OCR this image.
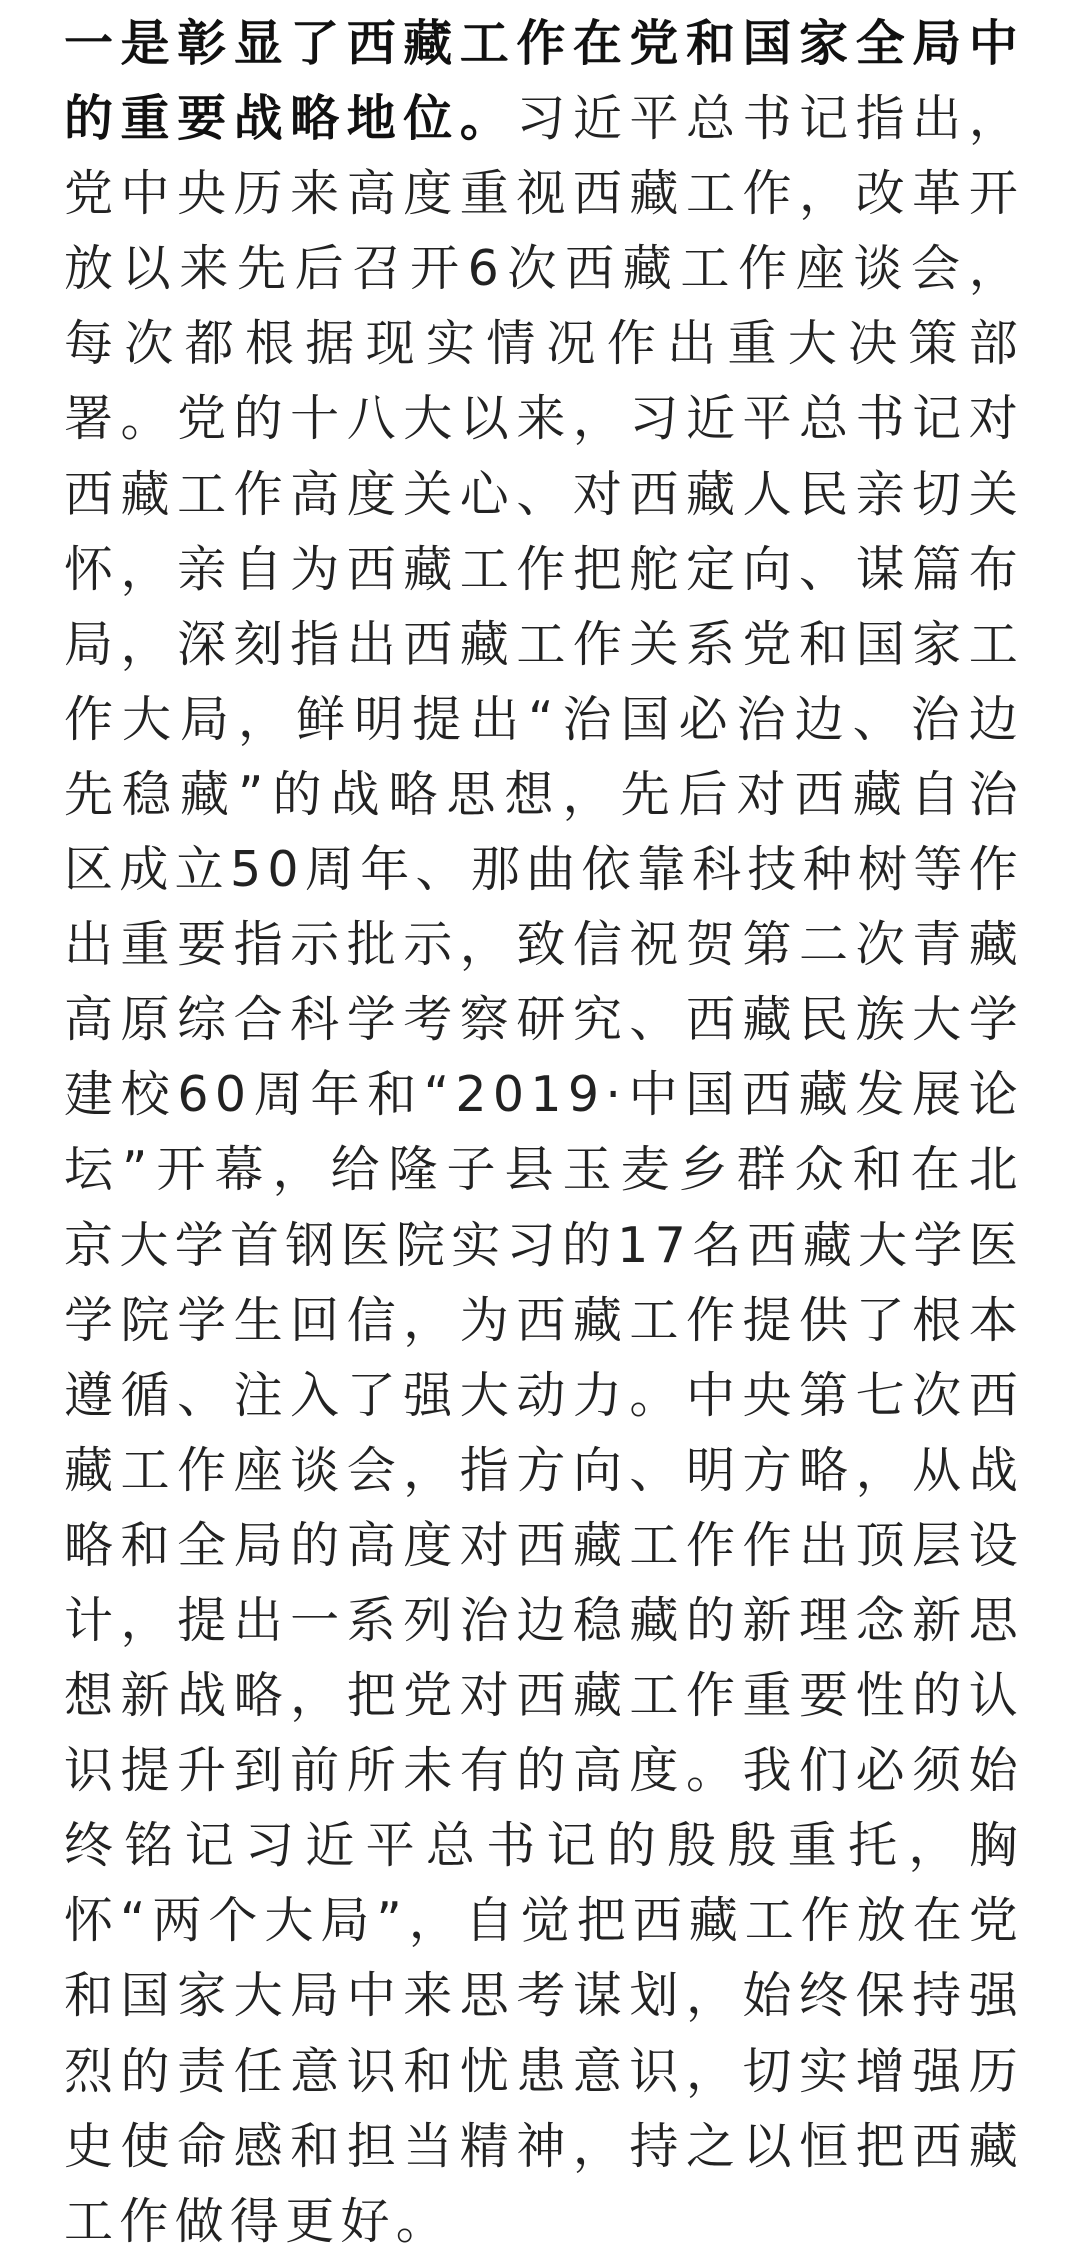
一是彰显了西藏工作在党和国家全局中的重要战略地位。习近平总书记指出，党中央历来高度重视西藏工作，改革开放以来先后召开6次西藏工作座谈会，每次都根据现实情况作出重大决策部署。党的十八大以来，习近平总书记对西藏工作高度关心、对西藏人民亲切关怀，亲自为西藏工作把舵定向、谋篇布局，深刻指出西藏工作关系党和国家工作大局，鲜明提出“治国必治边、治边先稳藏”的战略思想，先后对西藏自治区成立50周年、那曲依靠科技种树等作出重要指示批示，致信祝贺第二次青藏高原综合科学考察研究、西藏民族大学建校60周年和“2019·中国西藏发展论坛”开幕，给隆子县玉麦乡群众和在北京大学首钢医院实习的17名西藏大学医学院学生回信，为西藏工作提供了根本遵循、注入了强大动力。中央第七次西藏工作座谈会，指方向、明方略，从战略和全局的高度对西藏工作作出顶层设计，提出一系列治边稳藏的新理念新思想新战略，把党对西藏工作重要性的认识提升到前所未有的高度。我们必须始终铭记习近平总书记的殷殷重托，胸怀“两个大局”，自觉把西藏工作放在党和国家大局中来思考谋划，始终保持强烈的责任意识和忧患意识，切实增强历史使命感和担当精神，持之以恒把西藏工作做得更好。
